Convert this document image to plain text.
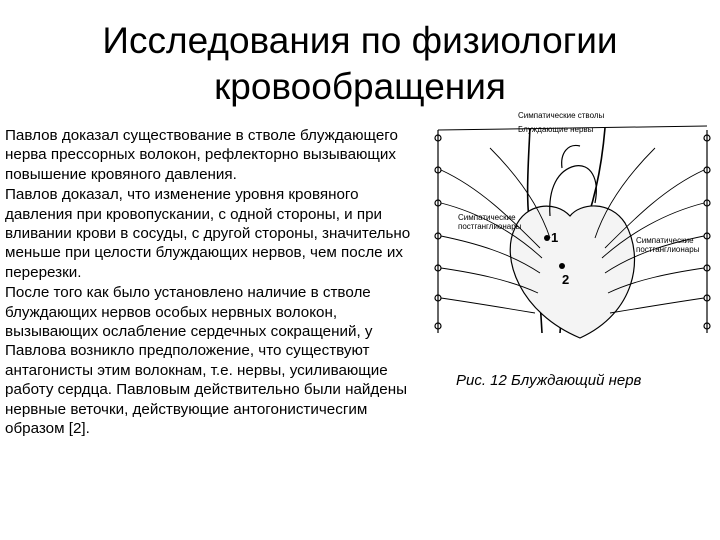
Исследования по физиологии кровообращения

Павлов доказал существование в стволе блуждающего нерва прессорных волокон, рефлекторно вызывающих повышение кровяного давления.

Павлов доказал, что изменение уровня кровяного давления при кровопускании, с одной стороны, и при вливании крови в сосуды, с другой стороны, значительно меньше при целости блуждающих нервов, чем после их перерезки.

После того как было установлено наличие в стволе блуждающих нервов особых нервных волокон, вызывающих ослабление сердечных сокращений, у Павлова возникло предположение, что существуют антагонисты этим волокнам, т.е. нервы, усиливающие работу сердца. Павловым действительно были найдены нервные веточки, действующие антогонистичесгим образом [2].

Симпатические стволы
Блуждающие нервы
Симпатические
постганглионары
Симпатические
постганглионары
1
2
Рис. 12 Блуждающий нерв
